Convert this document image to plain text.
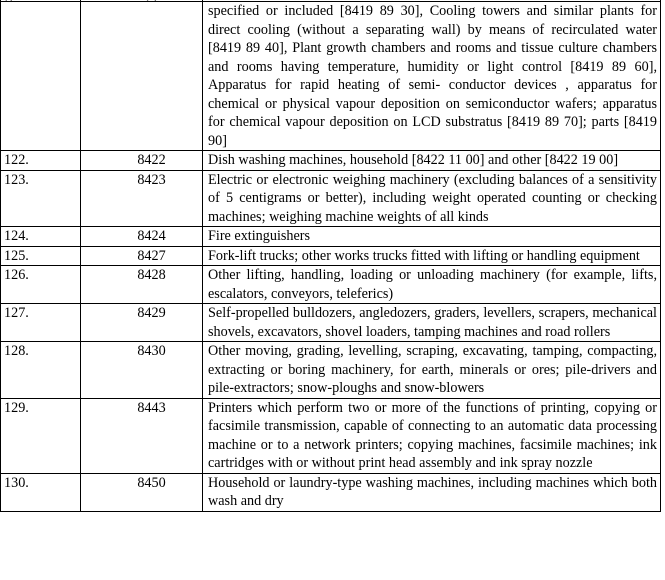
		specified or included [8419 89 30], Cooling towers and similar plants for direct cooling (without a separating wall) by means of recirculated water [8419 89 40], Plant growth chambers and rooms and tissue culture chambers and rooms having temperature, humidity or light control [8419 89 60], Apparatus for rapid heating of semi- conductor devices , apparatus for chemical or physical vapour deposition on semiconductor wafers; apparatus for chemical vapour deposition on LCD substratus [8419 89 70]; parts [8419 90]
122.	8422	Dish washing machines, household [8422 11 00] and other [8422 19 00]
123.	8423	Electric or electronic weighing machinery (excluding balances of a sensitivity of 5 centigrams or better), including weight operated counting or checking machines; weighing machine weights of all kinds
124.	8424	Fire extinguishers
125.	8427	Fork-lift trucks; other works trucks fitted with lifting or handling equipment
126.	8428	Other lifting, handling, loading or unloading machinery (for example, lifts, escalators, conveyors, teleferics)
127.	8429	Self-propelled bulldozers, angledozers, graders, levellers, scrapers, mechanical shovels, excavators, shovel loaders, tamping machines and road rollers
128.	8430	Other moving, grading, levelling, scraping, excavating, tamping, compacting, extracting or boring machinery, for earth, minerals or ores; pile-drivers and pile-extractors; snow-ploughs and snow-blowers
129.	8443	Printers which perform two or more of the functions of printing, copying or facsimile transmission, capable of connecting to an automatic data processing machine or to a network printers; copying machines, facsimile machines; ink cartridges with or without print head assembly and ink spray nozzle
130.	8450	Household or laundry-type washing machines, including machines which both wash and dry
